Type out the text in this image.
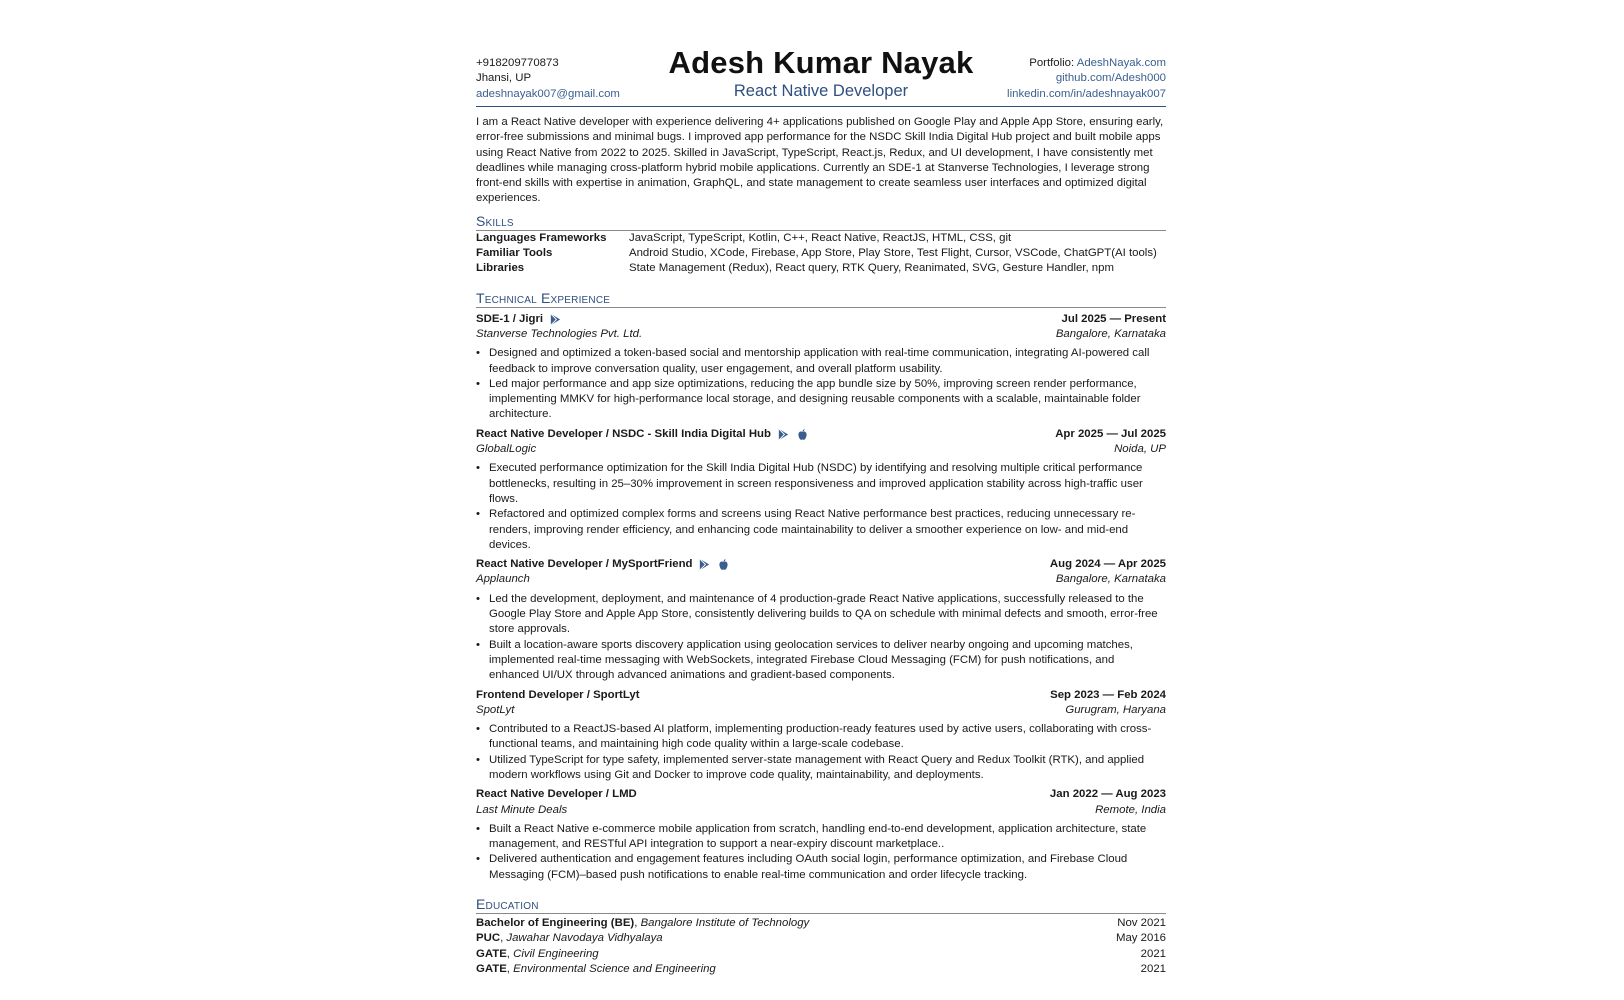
+918209770873
Jhansi, UP
adeshnayak007@gmail.com
Adesh Kumar Nayak
React Native Developer
Portfolio: AdeshNayak.com
github.com/Adesh000
linkedin.com/in/adeshnayak007
I am a React Native developer with experience delivering 4+ applications published on Google Play and Apple App Store, ensuring early, error-free submissions and minimal bugs. I improved app performance for the NSDC Skill India Digital Hub project and built mobile apps using React Native from 2022 to 2025. Skilled in JavaScript, TypeScript, React.js, Redux, and UI development, I have consistently met deadlines while managing cross-platform hybrid mobile applications. Currently an SDE-1 at Stanverse Technologies, I leverage strong front-end skills with expertise in animation, GraphQL, and state management to create seamless user interfaces and optimized digital experiences.
Skills
Languages Frameworks	JavaScript, TypeScript, Kotlin, C++, React Native, ReactJS, HTML, CSS, git
Familiar Tools	Android Studio, XCode, Firebase, App Store, Play Store, Test Flight, Cursor, VSCode, ChatGPT(AI tools)
Libraries	State Management (Redux), React query, RTK Query, Reanimated, SVG, Gesture Handler, npm
Technical Experience
SDE-1 / Jigri	Jul 2025 — Present
Stanverse Technologies Pvt. Ltd.	Bangalore, Karnataka
• Designed and optimized a token-based social and mentorship application with real-time communication, integrating AI-powered call feedback to improve conversation quality, user engagement, and overall platform usability.
• Led major performance and app size optimizations, reducing the app bundle size by 50%, improving screen render performance, implementing MMKV for high-performance local storage, and designing reusable components with a scalable, maintainable folder architecture.
React Native Developer / NSDC - Skill India Digital Hub	Apr 2025 — Jul 2025
GlobalLogic	Noida, UP
• Executed performance optimization for the Skill India Digital Hub (NSDC) by identifying and resolving multiple critical performance bottlenecks, resulting in 25–30% improvement in screen responsiveness and improved application stability across high-traffic user flows.
• Refactored and optimized complex forms and screens using React Native performance best practices, reducing unnecessary re-renders, improving render efficiency, and enhancing code maintainability to deliver a smoother experience on low- and mid-end devices.
React Native Developer / MySportFriend	Aug 2024 — Apr 2025
Applaunch	Bangalore, Karnataka
• Led the development, deployment, and maintenance of 4 production-grade React Native applications, successfully released to the Google Play Store and Apple App Store, consistently delivering builds to QA on schedule with minimal defects and smooth, error-free store approvals.
• Built a location-aware sports discovery application using geolocation services to deliver nearby ongoing and upcoming matches, implemented real-time messaging with WebSockets, integrated Firebase Cloud Messaging (FCM) for push notifications, and enhanced UI/UX through advanced animations and gradient-based components.
Frontend Developer / SportLyt	Sep 2023 — Feb 2024
SpotLyt	Gurugram, Haryana
• Contributed to a ReactJS-based AI platform, implementing production-ready features used by active users, collaborating with cross-functional teams, and maintaining high code quality within a large-scale codebase.
• Utilized TypeScript for type safety, implemented server-state management with React Query and Redux Toolkit (RTK), and applied modern workflows using Git and Docker to improve code quality, maintainability, and deployments.
React Native Developer / LMD	Jan 2022 — Aug 2023
Last Minute Deals	Remote, India
• Built a React Native e-commerce mobile application from scratch, handling end-to-end development, application architecture, state management, and RESTful API integration to support a near-expiry discount marketplace..
• Delivered authentication and engagement features including OAuth social login, performance optimization, and Firebase Cloud Messaging (FCM)–based push notifications to enable real-time communication and order lifecycle tracking.
Education
Bachelor of Engineering (BE), Bangalore Institute of Technology	Nov 2021
PUC, Jawahar Navodaya Vidhyalaya	May 2016
GATE, Civil Engineering	2021
GATE, Environmental Science and Engineering	2021
